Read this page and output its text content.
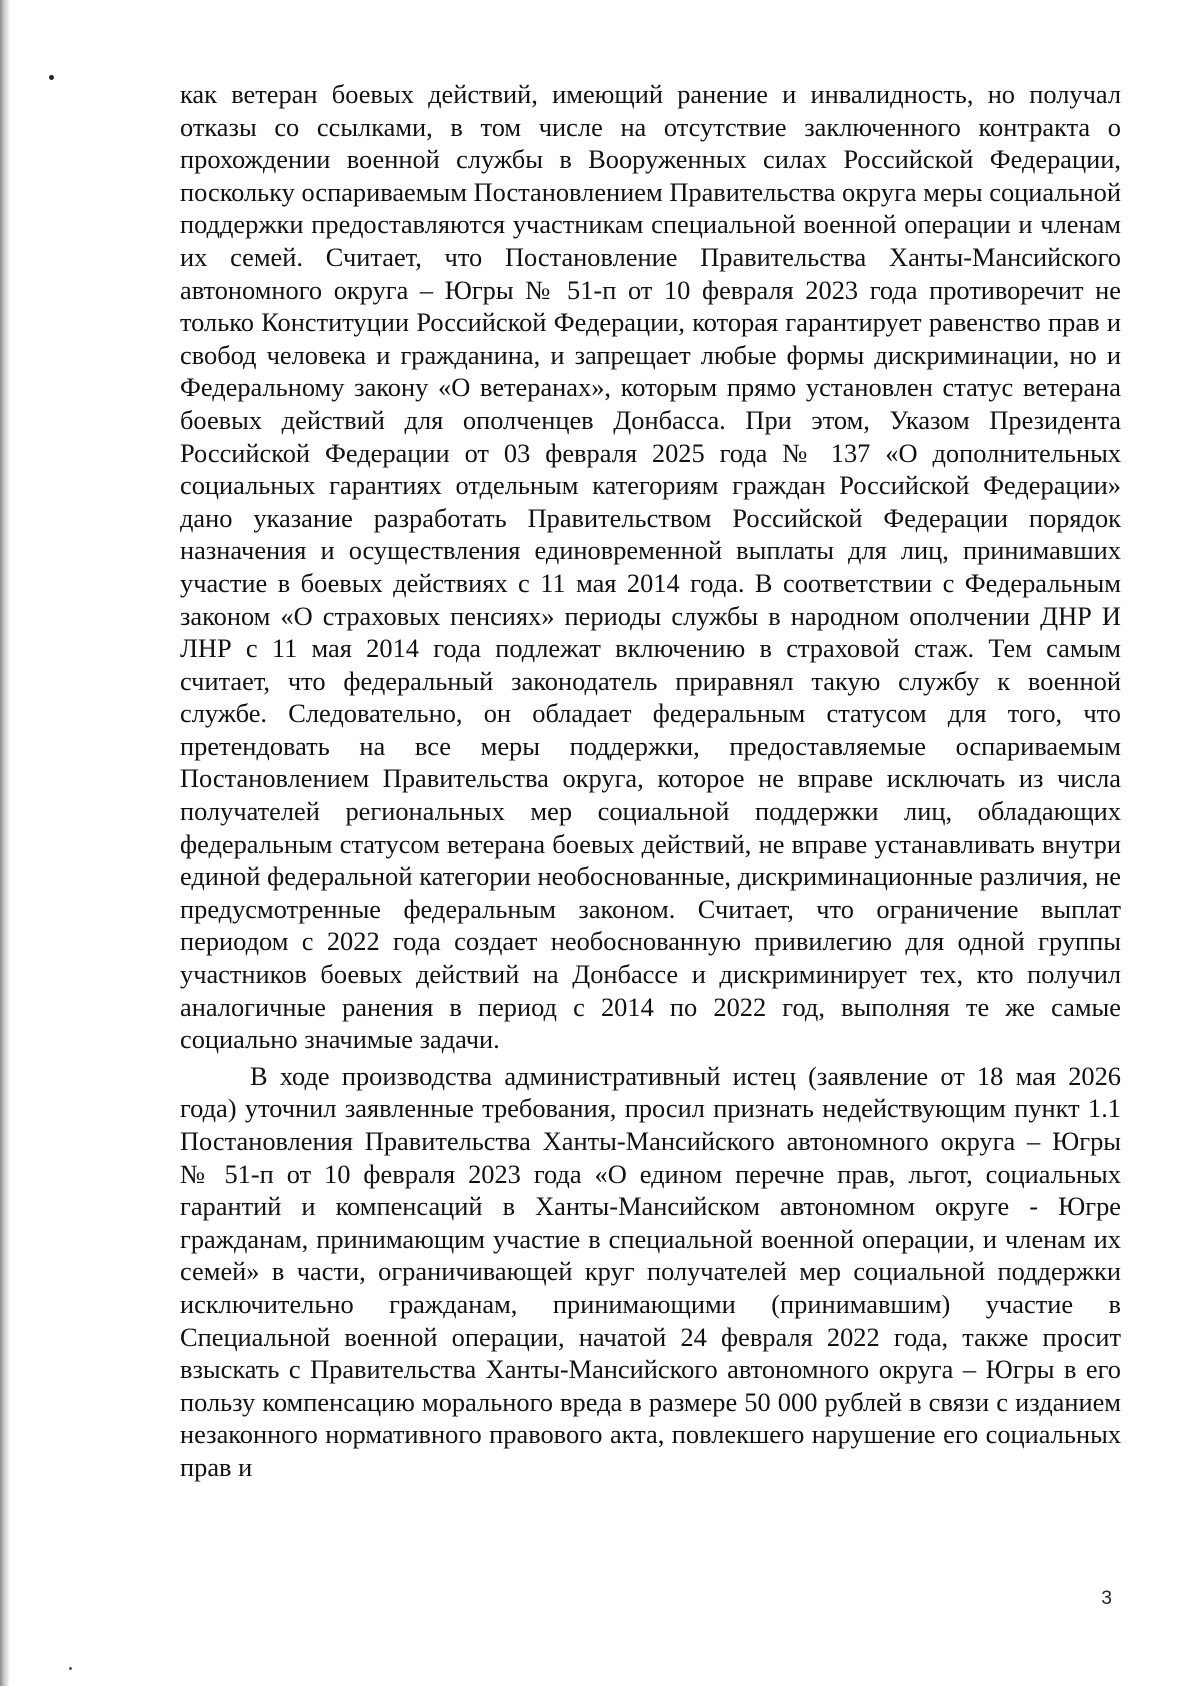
как ветеран боевых действий, имеющий ранение и инвалидность, но получал отказы со ссылками, в том числе на отсутствие заключенного контракта о прохождении военной службы в Вооруженных силах Российской Федерации, поскольку оспариваемым Постановлением Правительства округа меры социальной поддержки предоставляются участникам специальной военной операции и членам их семей. Считает, что Постановление Правительства Ханты-Мансийского автономного округа – Югры № 51-п от 10 февраля 2023 года противоречит не только Конституции Российской Федерации, которая гарантирует равенство прав и свобод человека и гражданина, и запрещает любые формы дискриминации, но и Федеральному закону «О ветеранах», которым прямо установлен статус ветерана боевых действий для ополченцев Донбасса. При этом, Указом Президента Российской Федерации от 03 февраля 2025 года № 137 «О дополнительных социальных гарантиях отдельным категориям граждан Российской Федерации» дано указание разработать Правительством Российской Федерации порядок назначения и осуществления единовременной выплаты для лиц, принимавших участие в боевых действиях с 11 мая 2014 года. В соответствии с Федеральным законом «О страховых пенсиях» периоды службы в народном ополчении ДНР И ЛНР с 11 мая 2014 года подлежат включению в страховой стаж. Тем самым считает, что федеральный законодатель приравнял такую службу к военной службе. Следовательно, он обладает федеральным статусом для того, что претендовать на все меры поддержки, предоставляемые оспариваемым Постановлением Правительства округа, которое не вправе исключать из числа получателей региональных мер социальной поддержки лиц, обладающих федеральным статусом ветерана боевых действий, не вправе устанавливать внутри единой федеральной категории необоснованные, дискриминационные различия, не предусмотренные федеральным законом. Считает, что ограничение выплат периодом с 2022 года создает необоснованную привилегию для одной группы участников боевых действий на Донбассе и дискриминирует тех, кто получил аналогичные ранения в период с 2014 по 2022 год, выполняя те же самые социально значимые задачи.

В ходе производства административный истец (заявление от 18 мая 2026 года) уточнил заявленные требования, просил признать недействующим пункт 1.1 Постановления Правительства Ханты-Мансийского автономного округа – Югры № 51-п от 10 февраля 2023 года «О едином перечне прав, льгот, социальных гарантий и компенсаций в Ханты-Мансийском автономном округе - Югре гражданам, принимающим участие в специальной военной операции, и членам их семей» в части, ограничивающей круг получателей мер социальной поддержки исключительно гражданам, принимающими (принимавшим) участие в Специальной военной операции, начатой 24 февраля 2022 года, также просит взыскать с Правительства Ханты-Мансийского автономного округа – Югры в его пользу компенсацию морального вреда в размере 50 000 рублей в связи с изданием незаконного нормативного правового акта, повлекшего нарушение его социальных прав и

3
